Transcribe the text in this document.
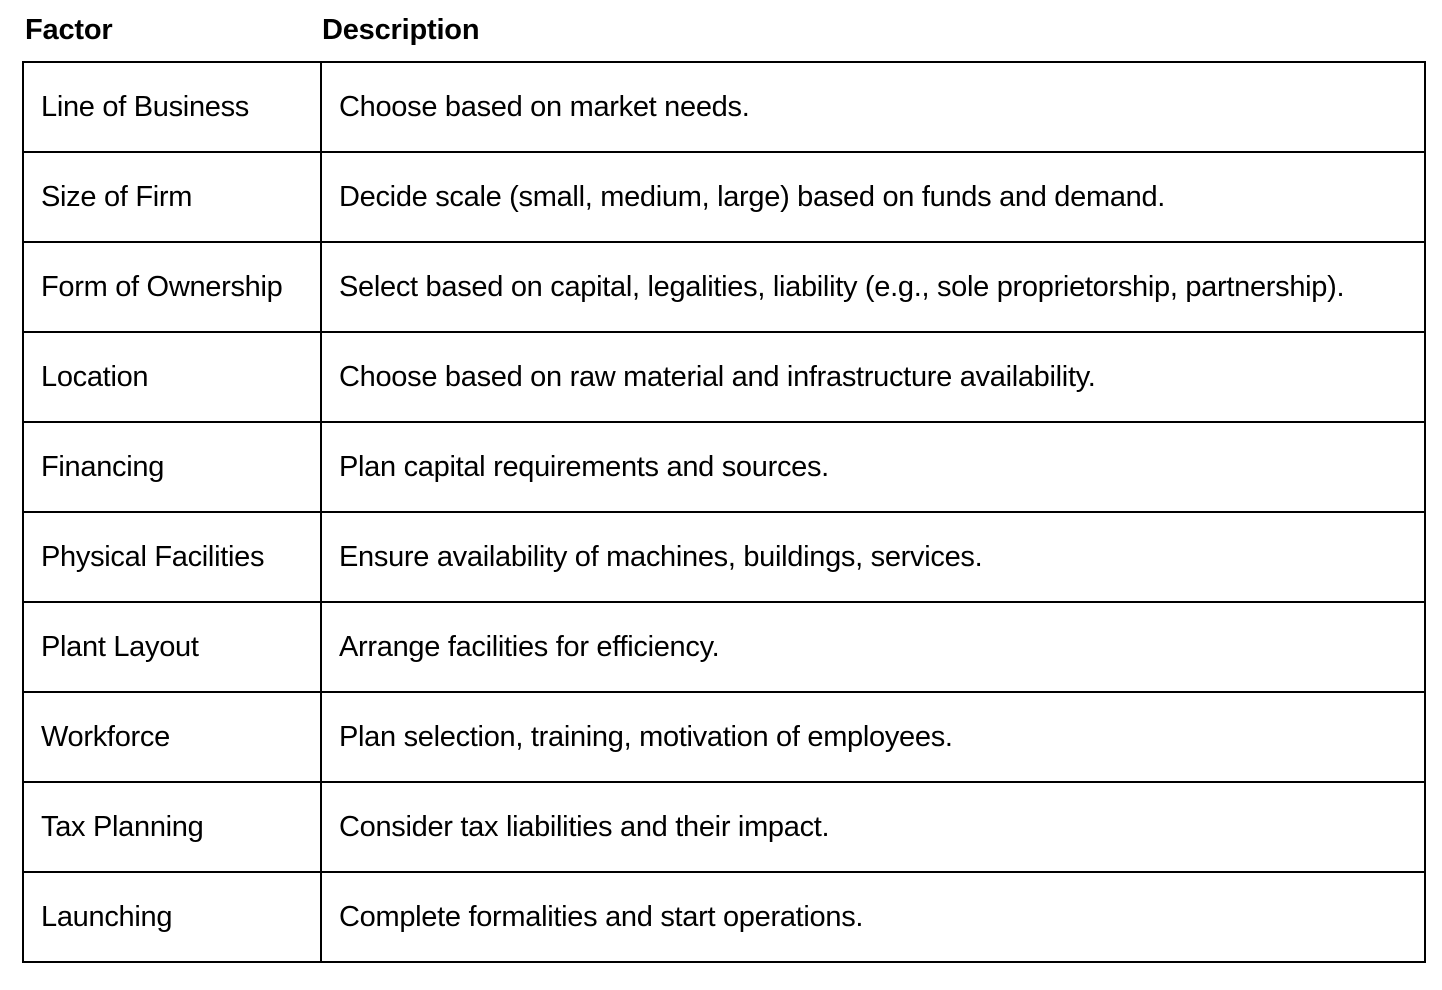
Factor	Description
Line of Business	Choose based on market needs.
Size of Firm	Decide scale (small, medium, large) based on funds and demand.
Form of Ownership	Select based on capital, legalities, liability (e.g., sole proprietorship, partnership).
Location	Choose based on raw material and infrastructure availability.
Financing	Plan capital requirements and sources.
Physical Facilities	Ensure availability of machines, buildings, services.
Plant Layout	Arrange facilities for efficiency.
Workforce	Plan selection, training, motivation of employees.
Tax Planning	Consider tax liabilities and their impact.
Launching	Complete formalities and start operations.
